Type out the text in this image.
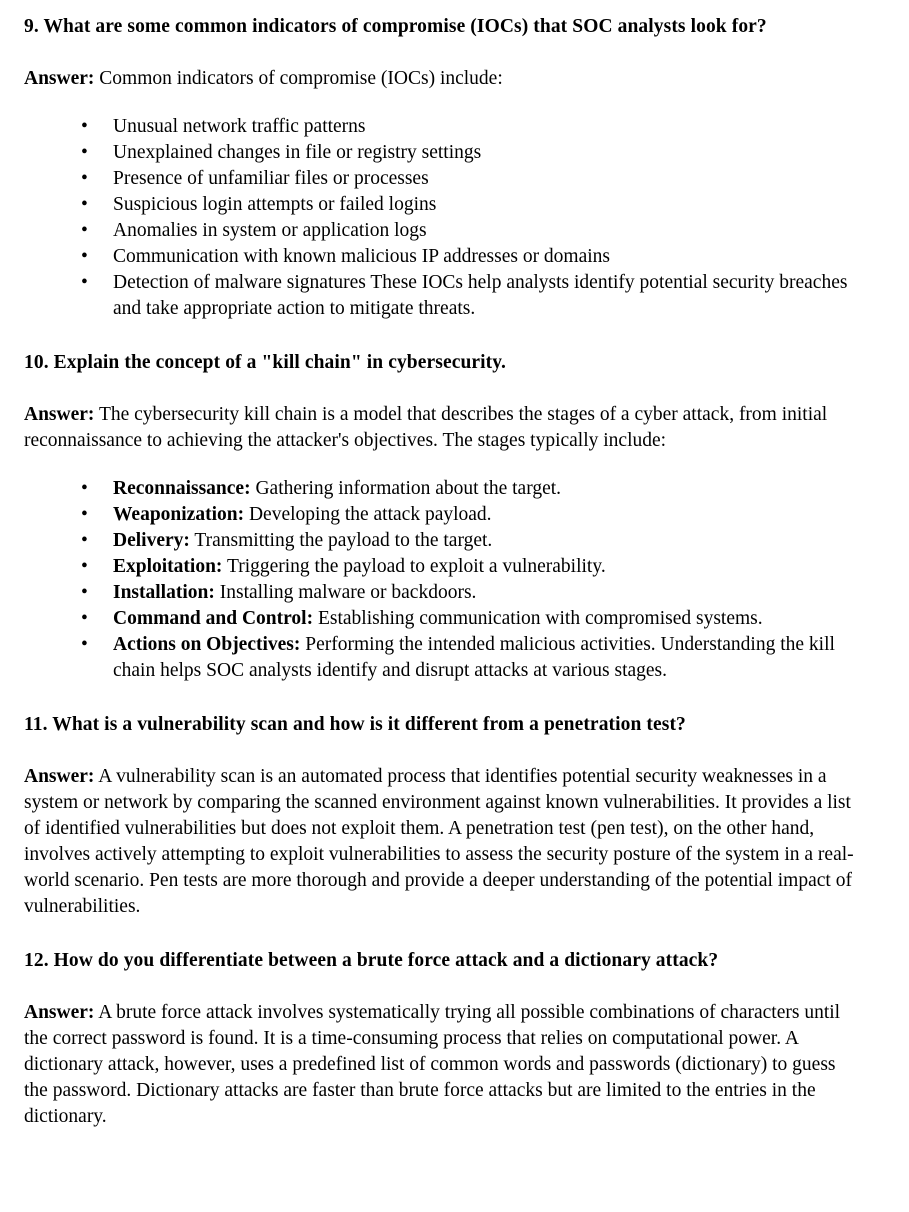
9. What are some common indicators of compromise (IOCs) that SOC analysts look for?

Answer: Common indicators of compromise (IOCs) include:

• Unusual network traffic patterns
• Unexplained changes in file or registry settings
• Presence of unfamiliar files or processes
• Suspicious login attempts or failed logins
• Anomalies in system or application logs
• Communication with known malicious IP addresses or domains
• Detection of malware signatures These IOCs help analysts identify potential security breaches and take appropriate action to mitigate threats.
10. Explain the concept of a "kill chain" in cybersecurity.

Answer: The cybersecurity kill chain is a model that describes the stages of a cyber attack, from initial reconnaissance to achieving the attacker's objectives. The stages typically include:

• Reconnaissance: Gathering information about the target.
• Weaponization: Developing the attack payload.
• Delivery: Transmitting the payload to the target.
• Exploitation: Triggering the payload to exploit a vulnerability.
• Installation: Installing malware or backdoors.
• Command and Control: Establishing communication with compromised systems.
• Actions on Objectives: Performing the intended malicious activities. Understanding the kill chain helps SOC analysts identify and disrupt attacks at various stages.
11. What is a vulnerability scan and how is it different from a penetration test?

Answer: A vulnerability scan is an automated process that identifies potential security weaknesses in a system or network by comparing the scanned environment against known vulnerabilities. It provides a list of identified vulnerabilities but does not exploit them. A penetration test (pen test), on the other hand, involves actively attempting to exploit vulnerabilities to assess the security posture of the system in a real-world scenario. Pen tests are more thorough and provide a deeper understanding of the potential impact of vulnerabilities.

12. How do you differentiate between a brute force attack and a dictionary attack?

Answer: A brute force attack involves systematically trying all possible combinations of characters until the correct password is found. It is a time-consuming process that relies on computational power. A dictionary attack, however, uses a predefined list of common words and passwords (dictionary) to guess the password. Dictionary attacks are faster than brute force attacks but are limited to the entries in the dictionary.
